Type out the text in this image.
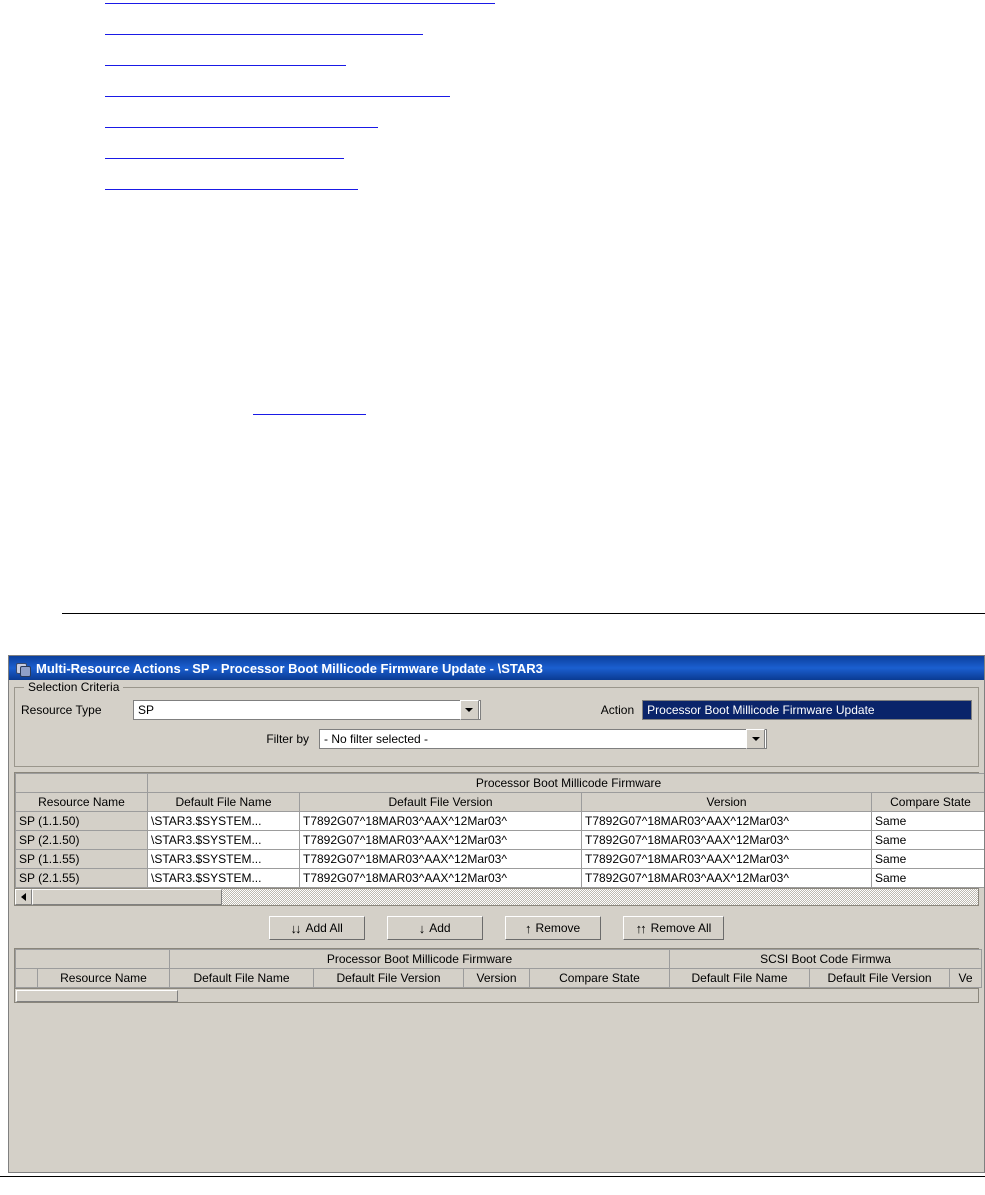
Multi-Resource Actions - SP - Processor Boot Millicode Firmware Update - \STAR3
Selection Criteria
Resource Type	SP	Action	Processor Boot Millicode Firmware Update
Filter by	- No filter selected -
	Processor Boot Millicode Firmware			
Resource Name	Default File Name	Default File Version	Version	Compare State
SP (1.1.50)	\STAR3.$SYSTEM...	T7892G07^18MAR03^AAX^12Mar03^	T7892G07^18MAR03^AAX^12Mar03^	Same
SP (2.1.50)	\STAR3.$SYSTEM...	T7892G07^18MAR03^AAX^12Mar03^	T7892G07^18MAR03^AAX^12Mar03^	Same
SP (1.1.55)	\STAR3.$SYSTEM...	T7892G07^18MAR03^AAX^12Mar03^	T7892G07^18MAR03^AAX^12Mar03^	Same
SP (2.1.55)	\STAR3.$SYSTEM...	T7892G07^18MAR03^AAX^12Mar03^	T7892G07^18MAR03^AAX^12Mar03^	Same
↓↓ Add All	↓ Add	↑ Remove	↑↑ Remove All
		Processor Boot Millicode Firmware				SCSI Boot Code Firmwa		
	Resource Name	Default File Name	Default File Version	Version	Compare State	Default File Name	Default File Version	Ve
